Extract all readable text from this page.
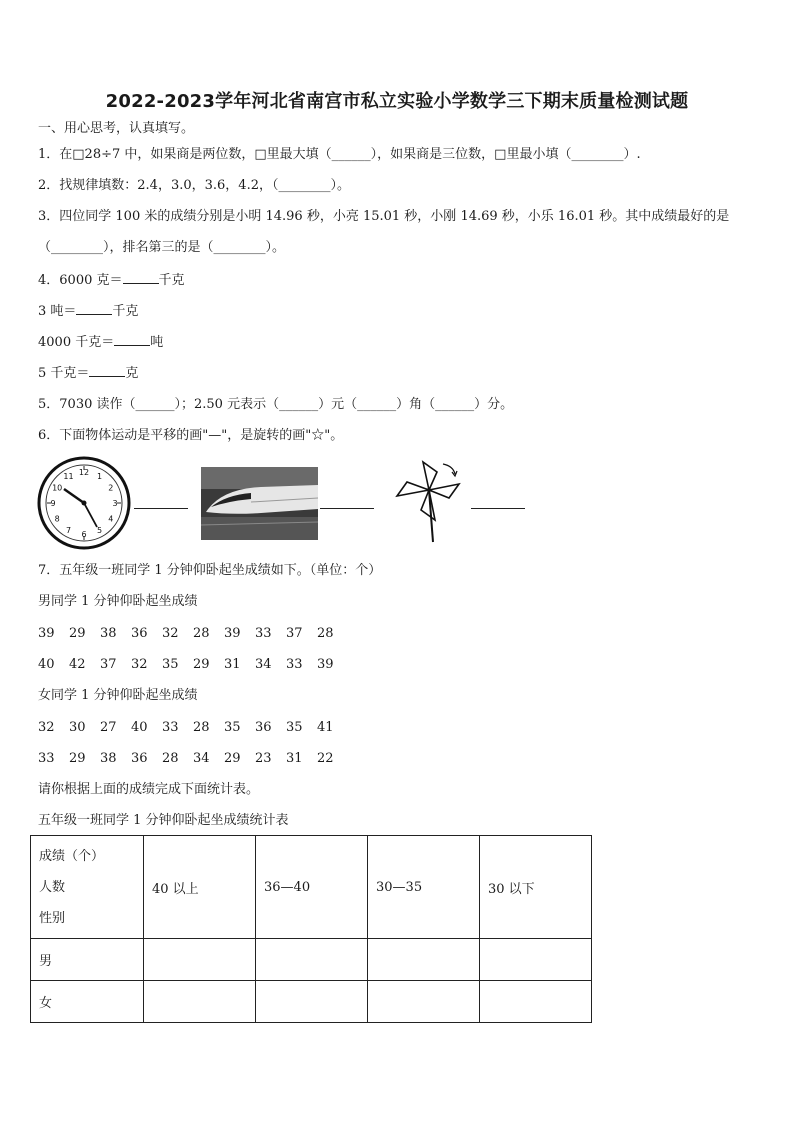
2022-2023学年河北省南宫市私立实验小学数学三下期末质量检测试题
一、用心思考，认真填写。
1．在□28÷7 中，如果商是两位数，□里最大填（______），如果商是三位数，□里最小填（________）.
2．找规律填数：2.4，3.0，3.6，4.2，（________）。
3．四位同学 100 米的成绩分别是小明 14.96 秒，小亮 15.01 秒，小刚 14.69 秒，小乐 16.01 秒。其中成绩最好的是
（________），排名第三的是（________）。
4．6000 克＝	千克
3 吨＝	千克
4000 千克＝	吨
5 千克＝	克
5．7030 读作（______）；2.50 元表示（______）元（______）角（______）分。
6．下面物体运动是平移的画"—"，是旋转的画"☆"。
12 1
2
3
4
5
6
7
8
9
10
11
7．五年级一班同学 1 分钟仰卧起坐成绩如下。（单位：个）
男同学 1 分钟仰卧起坐成绩
39 29 38 36 32 28 39 33 37 28
40 42 37 32 35 29 31 34 33 39
女同学 1 分钟仰卧起坐成绩
32 30 27 40 33 28 35 36 35 41
33 29 38 36 28 34 29 23 31 22
请你根据上面的成绩完成下面统计表。
五年级一班同学 1 分钟仰卧起坐成绩统计表
成绩（个）
人数
性别	40 以上	36—40	30—35	30 以下
男				
女				
